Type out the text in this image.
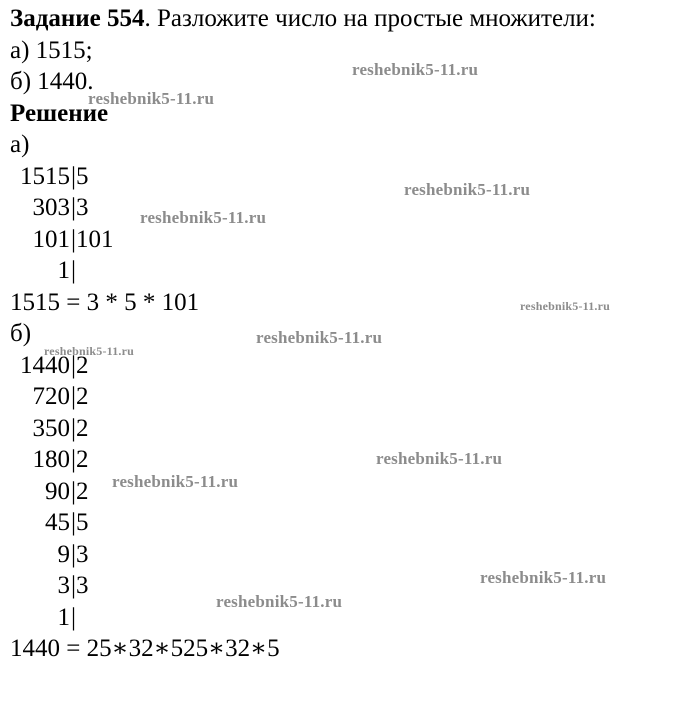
Задание 554. Разложите число на простые множители:
а) 1515;
б) 1440.
Решение
а)
1515 |5
303 |3
101 |101
1 |
1515 = 3 * 5 * 101
б)
1440 |2
720 |2
350 |2
180 |2
90 |2
45 |5
9 |3
3 |3
1 |
1440 = 25∗32∗525∗32∗5
reshebnik5-11.ru
reshebnik5-11.ru
reshebnik5-11.ru
reshebnik5-11.ru
reshebnik5-11.ru
reshebnik5-11.ru
reshebnik5-11.ru
reshebnik5-11.ru
reshebnik5-11.ru
reshebnik5-11.ru
reshebnik5-11.ru
